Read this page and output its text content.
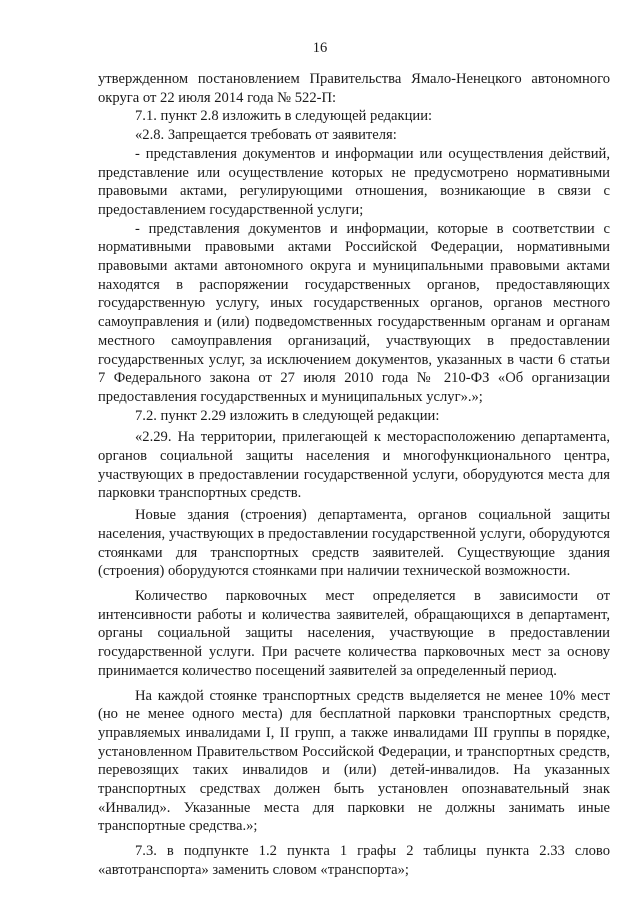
16

утвержденном постановлением Правительства Ямало-Ненецкого автономного округа от 22 июля 2014 года № 522-П:

7.1. пункт 2.8 изложить в следующей редакции:

«2.8. Запрещается требовать от заявителя:

- представления документов и информации или осуществления действий, представление или осуществление которых не предусмотрено нормативными правовыми актами, регулирующими отношения, возникающие в связи с предоставлением государственной услуги;

- представления документов и информации, которые в соответствии с нормативными правовыми актами Российской Федерации, нормативными правовыми актами автономного округа и муниципальными правовыми актами находятся в распоряжении государственных органов, предоставляющих государственную услугу, иных государственных органов, органов местного самоуправления и (или) подведомственных государственным органам и органам местного самоуправления организаций, участвующих в предоставлении государственных услуг, за исключением документов, указанных в части 6 статьи 7 Федерального закона от 27 июля 2010 года № 210-ФЗ «Об организации предоставления государственных и муниципальных услуг».»;

7.2. пункт 2.29 изложить в следующей редакции:

«2.29. На территории, прилегающей к месторасположению департамента, органов социальной защиты населения и многофункционального центра, участвующих в предоставлении государственной услуги, оборудуются места для парковки транспортных средств.

Новые здания (строения) департамента, органов социальной защиты населения, участвующих в предоставлении государственной услуги, оборудуются стоянками для транспортных средств заявителей. Существующие здания (строения) оборудуются стоянками при наличии технической возможности.

Количество парковочных мест определяется в зависимости от интенсивности работы и количества заявителей, обращающихся в департамент, органы социальной защиты населения, участвующие в предоставлении государственной услуги. При расчете количества парковочных мест за основу принимается количество посещений заявителей за определенный период.

На каждой стоянке транспортных средств выделяется не менее 10% мест (но не менее одного места) для бесплатной парковки транспортных средств, управляемых инвалидами I, II групп, а также инвалидами III группы в порядке, установленном Правительством Российской Федерации, и транспортных средств, перевозящих таких инвалидов и (или) детей-инвалидов. На указанных транспортных средствах должен быть установлен опознавательный знак «Инвалид». Указанные места для парковки не должны занимать иные транспортные средства.»;

7.3. в подпункте 1.2 пункта 1 графы 2 таблицы пункта 2.33 слово «автотранспорта» заменить словом «транспорта»;
